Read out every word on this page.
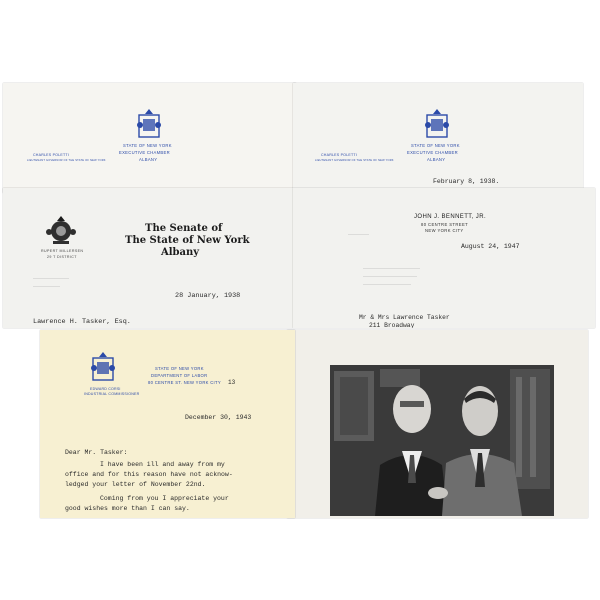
CHARLES POLETTI
LIEUTENANT GOVERNOR OF THE STATE OF NEW YORK
STATE OF NEW YORK
EXECUTIVE CHAMBER
ALBANY
CHARLES POLETTI
LIEUTENANT GOVERNOR OF THE STATE OF NEW YORK
STATE OF NEW YORK
EXECUTIVE CHAMBER
ALBANY
February 8, 1938.
RUPERT MILLERSEN
29 T DISTRICT
The Senate of
The State of New York
Albany
28 January, 1938
────────────
─────────
Lawrence H. Tasker, Esq.
JOHN J. BENNETT, JR.
80 CENTRE STREET
NEW YORK CITY
August 24, 1947
───────
───────────────────
──────────────────
────────────────
Mr & Mrs Lawrence Tasker
211 Broadway
STATE OF NEW YORK
DEPARTMENT OF LABOR
80 CENTRE ST. NEW YORK CITY 13
EDWARD CORSI
INDUSTRIAL COMMISSIONER
December 30, 1943
Dear Mr. Tasker:
I have been ill and away from my
office and for this reason have not acknow-
ledged your letter of November 22nd.
Coming from you I appreciate your
good wishes more than I can say.
